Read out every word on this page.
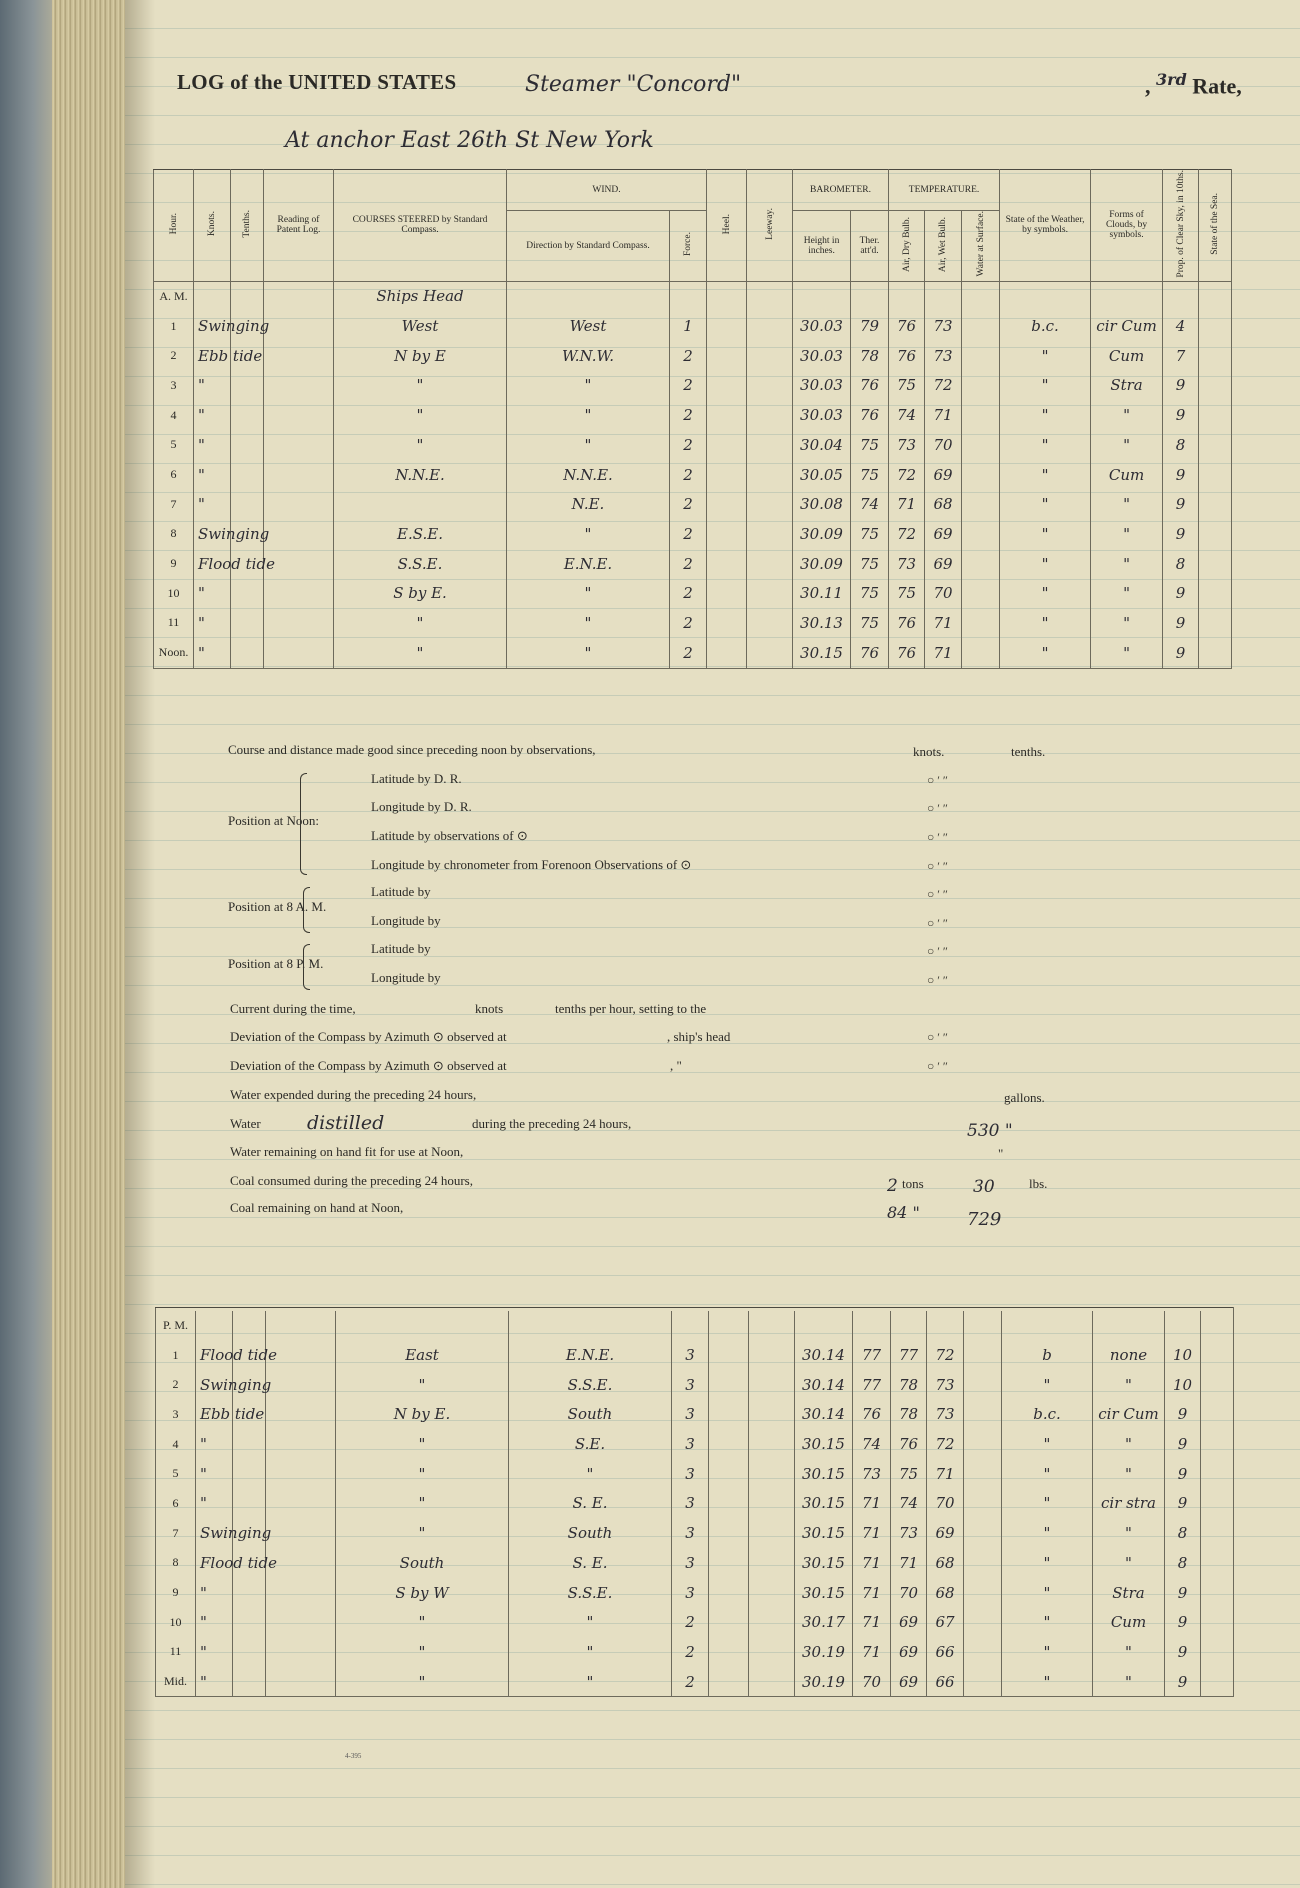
LOG of the UNITED STATES	Steamer "Concord"	, $^{3rd}$ Rate,
At anchor East 26th St New York
Hour.	Knots.	Tenths.	Reading of Patent Log.	COURSES STEERED by Standard Compass.	WIND.		Heel.	Leeway.	BAROMETER.		TEMPERATURE.			State of the Weather, by symbols.	Forms of Clouds, by symbols.	Prop. of Clear Sky, in 10ths.	State of the Sea.
					Direction by Standard Compass.	Force.			Height in inches.	Ther. att'd.	Air, Dry Bulb.	Air, Wet Bulb.	Water at Surface.				
A. M.				Ships Head													
1	Swinging			West	West	1			30.03	79	76	73		b.c.	cir Cum	4	
2	Ebb tide			N by E	W.N.W.	2			30.03	78	76	73		"	Cum	7	
3	"			"	"	2			30.03	76	75	72		"	Stra	9	
4	"			"	"	2			30.03	76	74	71		"	"	9	
5	"			"	"	2			30.04	75	73	70		"	"	8	
6	"			N.N.E.	N.N.E.	2			30.05	75	72	69		"	Cum	9	
7	"				N.E.	2			30.08	74	71	68		"	"	9	
8	Swinging			E.S.E.	"	2			30.09	75	72	69		"	"	9	
9	Flood tide			S.S.E.	E.N.E.	2			30.09	75	73	69		"	"	8	
10	"			S by E.	"	2			30.11	75	75	70		"	"	9	
11	"			"	"	2			30.13	75	76	71		"	"	9	
Noon.	"			"	"	2			30.15	76	76	71		"	"	9	
Course and distance made good since preceding noon by observations,	knots.	tenths.
Position at Noon:
Latitude by D. R.
Longitude by D. R.
Latitude by observations of ⊙
Longitude by chronometer from Forenoon Observations of ⊙
Position at 8 A. M.
Latitude by
Longitude by
Position at 8 P. M.
Latitude by
Longitude by
○ ′ ″
○ ′ ″
○ ′ ″
○ ′ ″
○ ′ ″
○ ′ ″
○ ′ ″
○ ′ ″
Current during the time,	knots	tenths per hour, setting to the
Deviation of the Compass by Azimuth ⊙ observed at	, ship's head	○ ′ ″
Deviation of the Compass by Azimuth ⊙ observed at	, "	○ ′ ″
Water expended during the preceding 24 hours,	gallons.
Water distilled	during the preceding 24 hours,	530 "
Water remaining on hand fit for use at Noon,	"
Coal consumed during the preceding 24 hours,	2 tons	30	lbs.
Coal remaining on hand at Noon,	84 "	729

P. M.																	
1	Flood tide			East	E.N.E.	3			30.14	77	77	72		b	none	10	
2	Swinging			"	S.S.E.	3			30.14	77	78	73		"	"	10	
3	Ebb tide			N by E.	South	3			30.14	76	78	73		b.c.	cir Cum	9	
4	"			"	S.E.	3			30.15	74	76	72		"	"	9	
5	"			"	"	3			30.15	73	75	71		"	"	9	
6	"			"	S. E.	3			30.15	71	74	70		"	cir stra	9	
7	Swinging			"	South	3			30.15	71	73	69		"	"	8	
8	Flood tide			South	S. E.	3			30.15	71	71	68		"	"	8	
9	"			S by W	S.S.E.	3			30.15	71	70	68		"	Stra	9	
10	"			"	"	2			30.17	71	69	67		"	Cum	9	
11	"			"	"	2			30.19	71	69	66		"	"	9	
Mid.	"			"	"	2			30.19	70	69	66		"	"	9	
4-395
